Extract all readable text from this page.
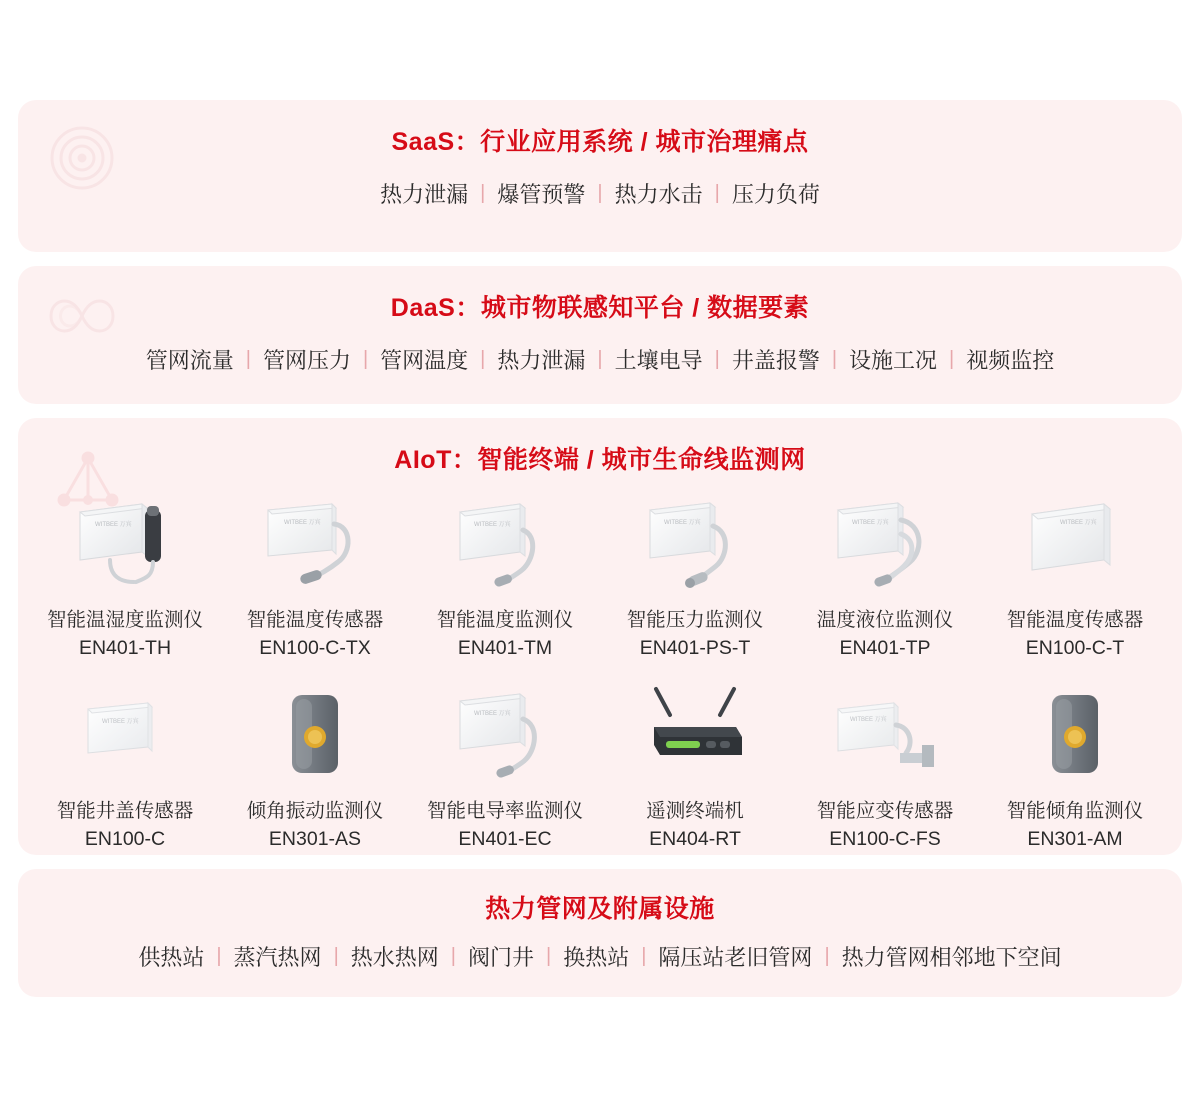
SaaS：行业应用系统 / 城市治理痛点
热力泄漏 | 爆管预警 | 热力水击 | 压力负荷
DaaS：城市物联感知平台 / 数据要素
管网流量 | 管网压力 | 管网温度 | 热力泄漏 | 土壤电导 | 井盖报警 | 设施工况 | 视频监控
AIoT：智能终端 / 城市生命线监测网
WITBEE 万宾
智能温湿度监测仪
EN401-TH
WITBEE 万宾
智能温度传感器
EN100-C-TX
WITBEE 万宾
智能温度监测仪
EN401-TM
WITBEE 万宾
智能压力监测仪
EN401-PS-T
WITBEE 万宾
温度液位监测仪
EN401-TP
WITBEE 万宾
智能温度传感器
EN100-C-T
WITBEE 万宾
智能井盖传感器
EN100-C
倾角振动监测仪
EN301-AS
WITBEE 万宾
智能电导率监测仪
EN401-EC
遥测终端机
EN404-RT
WITBEE 万宾
智能应变传感器
EN100-C-FS
智能倾角监测仪
EN301-AM
热力管网及附属设施
供热站 | 蒸汽热网 | 热水热网 | 阀门井 | 换热站 | 隔压站老旧管网 | 热力管网相邻地下空间
